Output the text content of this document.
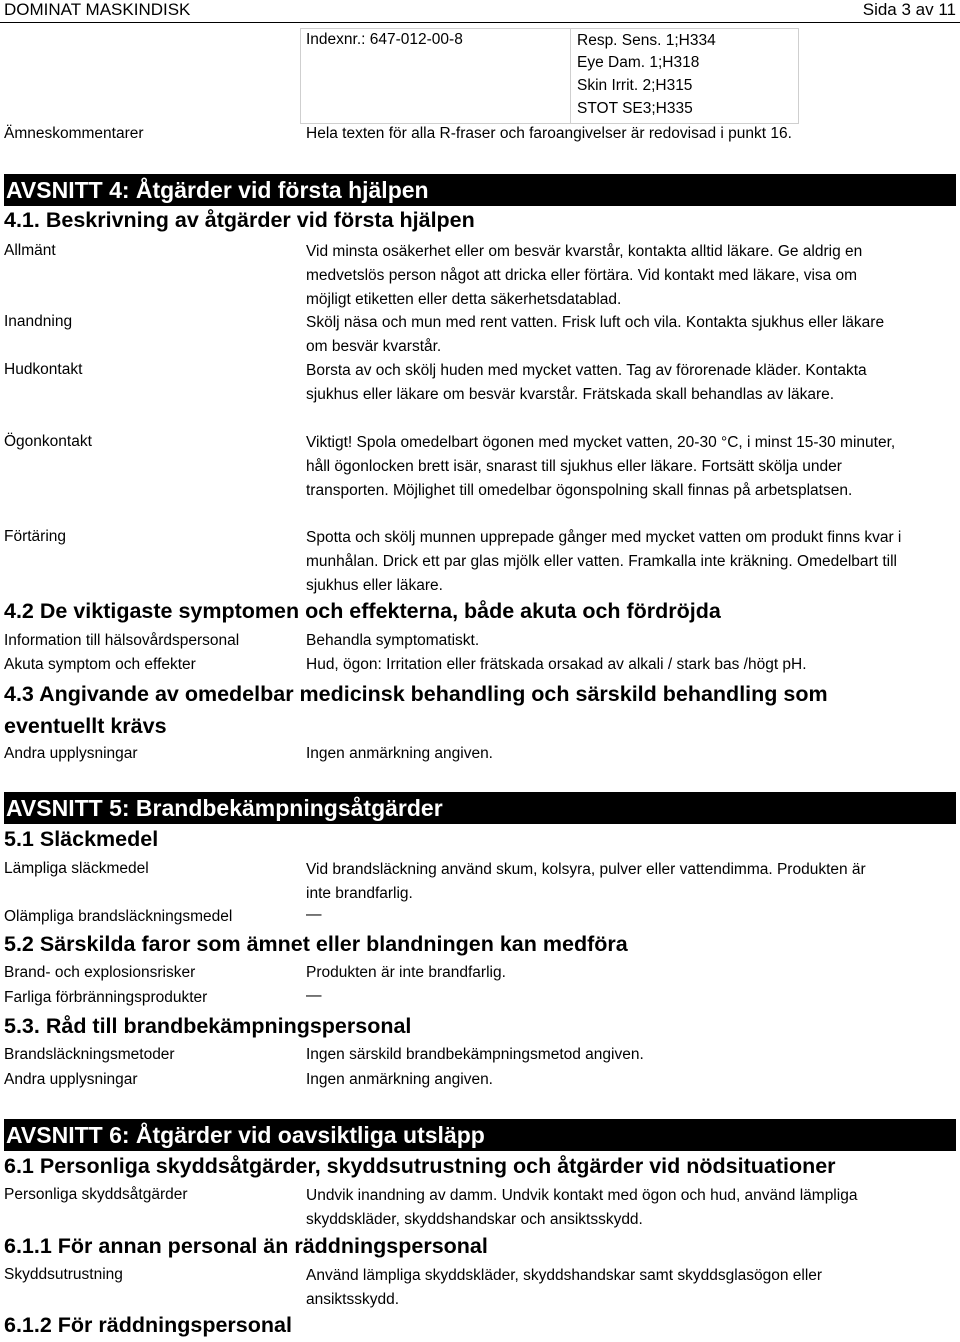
DOMINAT MASKINDISK	Sida 3 av 11
Indexnr.: 647-012-00-8	Resp. Sens. 1;H334
Eye Dam. 1;H318
Skin Irrit. 2;H315
STOT SE3;H335
Ämneskommentarer	Hela texten för alla R-fraser och faroangivelser är redovisad i punkt 16.
AVSNITT 4: Åtgärder vid första hjälpen
4.1. Beskrivning av åtgärder vid första hjälpen
Allmänt	Vid minsta osäkerhet eller om besvär kvarstår, kontakta alltid läkare. Ge aldrig en medvetslös person något att dricka eller förtära. Vid kontakt med läkare, visa om möjligt etiketten eller detta säkerhetsdatablad.
Inandning	Skölj näsa och mun med rent vatten. Frisk luft och vila. Kontakta sjukhus eller läkare om besvär kvarstår.
Hudkontakt	Borsta av och skölj huden med mycket vatten. Tag av förorenade kläder. Kontakta sjukhus eller läkare om besvär kvarstår. Frätskada skall behandlas av läkare.
Ögonkontakt	Viktigt! Spola omedelbart ögonen med mycket vatten, 20-30 °C, i minst 15-30 minuter, håll ögonlocken brett isär, snarast till sjukhus eller läkare. Fortsätt skölja under transporten. Möjlighet till omedelbar ögonspolning skall finnas på arbetsplatsen.
Förtäring	Spotta och skölj munnen upprepade gånger med mycket vatten om produkt finns kvar i munhålan. Drick ett par glas mjölk eller vatten. Framkalla inte kräkning. Omedelbart till sjukhus eller läkare.
4.2 De viktigaste symptomen och effekterna, både akuta och fördröjda
Information till hälsovårdspersonal	Behandla symptomatiskt.
Akuta symptom och effekter	Hud, ögon: Irritation eller frätskada orsakad av alkali / stark bas /högt pH.
4.3 Angivande av omedelbar medicinsk behandling och särskild behandling som eventuellt krävs
Andra upplysningar	Ingen anmärkning angiven.
AVSNITT 5: Brandbekämpningsåtgärder
5.1 Släckmedel
Lämpliga släckmedel	Vid brandsläckning använd skum, kolsyra, pulver eller vattendimma. Produkten är inte brandfarlig.
Olämpliga brandsläckningsmedel	—
5.2 Särskilda faror som ämnet eller blandningen kan medföra
Brand- och explosionsrisker	Produkten är inte brandfarlig.
Farliga förbränningsprodukter	—
5.3. Råd till brandbekämpningspersonal
Brandsläckningsmetoder	Ingen särskild brandbekämpningsmetod angiven.
Andra upplysningar	Ingen anmärkning angiven.
AVSNITT 6: Åtgärder vid oavsiktliga utsläpp
6.1 Personliga skyddsåtgärder, skyddsutrustning och åtgärder vid nödsituationer
Personliga skyddsåtgärder	Undvik inandning av damm. Undvik kontakt med ögon och hud, använd lämpliga skyddskläder, skyddshandskar och ansiktsskydd.
6.1.1 För annan personal än räddningspersonal
Skyddsutrustning	Använd lämpliga skyddskläder, skyddshandskar samt skyddsglasögon eller ansiktsskydd.
6.1.2 För räddningspersonal
